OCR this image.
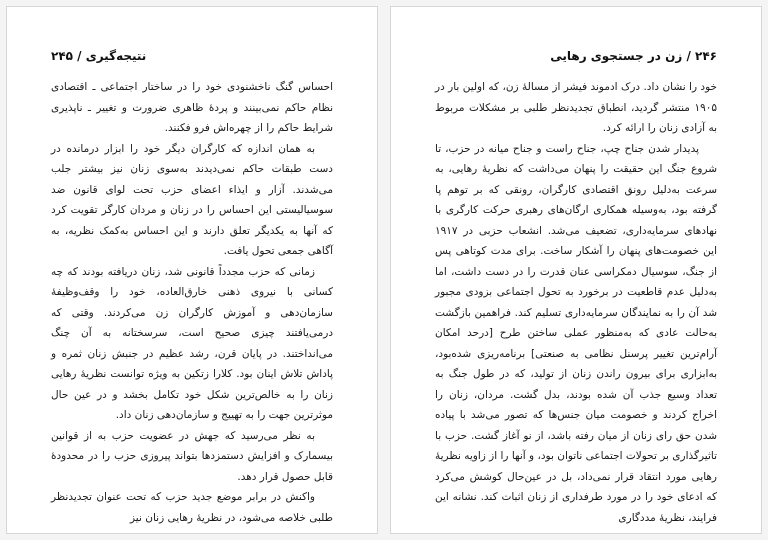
نتیجه‌گیری / ۲۴۵

احساس گنگ ناخشنودی خود را در ساختار اجتماعی ـ اقتصادی نظام حاکم نمی‌بینند و پرده‌ٔ ظاهری ضرورت و تغییر ـ ناپذیری شرایط حاکم را از چهره‌اش فرو فکنند.

به همان اندازه که کارگران دیگر خود را ابزار درمانده در دست طبقات حاکم نمی‌دیدند به‌سوی زنان نیز بیشتر جلب می‌شدند. آزار و ایذاء اعضای حزب تحت لوای قانون ضد سوسیالیستی این احساس را در زنان و مردان کارگر تقویت کرد که آنها به یکدیگر تعلق دارند و این احساس به‌کمک نظریه، به آگاهی جمعی تحول یافت.

زمانی که حزب مجدداً قانونی شد، زنان دریافته بودند که چه کسانی با نیروی ذهنی خارق‌العاده، خود را وقف‌وظیفه‌ٔ سازمان‌دهی و آموزش کارگران زن می‌کردند. وقتی که درمی‌یافتند چیزی صحیح است، سرسختانه به آن چنگ می‌انداختند. در پایان قرن، رشد عظیم در جنبش زنان ثمره و پاداش تلاش اینان بود. کلارا زتکین به ویژه توانست نظریه‌ٔ رهایی زنان را به خالص‌ترین شکل خود تکامل بخشد و در عین حال موثرترین جهت را به تهییج و سازمان‌دهی زنان داد.

به نظر می‌رسید که جهش در عضویت حزب به از قوانین بیسمارک و افزایش دستمزدها بتواند پیروزی حزب را در محدوده‌ٔ قابل حصول قرار دهد.

واکنش در برابر موضع جدید حزب که تحت عنوان تجدیدنظر طلبی خلاصه می‌شود، در نظریه‌ٔ رهایی زنان نیز

۲۴۶ / زن در جستجوی رهایی

خود را نشان داد. درک ادموند فیشر از مساله‌ٔ زن، که اولین بار در ۱۹۰۵ منتشر گردید، انطباق تجدیدنظر طلبی بر مشکلات مربوط به آزادی زنان را ارائه کرد.

پدیدار شدن جناح چپ، جناح راست و جناح میانه در حزب، تا شروع جنگ این حقیقت را پنهان می‌داشت که نظریه‌ٔ رهایی، به سرعت به‌دلیل رونق اقتصادی کارگران، رونقی که بر توهم پا گرفته بود، به‌وسیله همکاری ارگان‌های رهبری حرکت کارگری با نهادهای سرمایه‌داری، تضعیف می‌شد. انشعاب حزبی در ۱۹۱۷ این خصومت‌های پنهان را آشکار ساخت. برای مدت کوتاهی پس از جنگ، سوسیال دمکراسی عنان قدرت را در دست داشت، اما به‌دلیل عدم قاطعیت در برخورد به تحول اجتماعی بزودی مجبور شد آن را به نمایندگان سرمایه‌داری تسلیم کند. فراهمین بازگشت به‌حالت عادی که به‌منظور عملی ساختن طرح [درحد امکان آرام‌ترین تغییر پرسنل نظامی به صنعتی] برنامه‌ریزی شده‌بود، به‌ابزاری برای بیرون راندن زنان از تولید، که در طول جنگ به تعداد وسیع جذب آن شده بودند، بدل گشت. مردان، زنان را اخراج کردند و خصومت میان جنس‌ها که تصور می‌شد با پیاده شدن حق رای زنان از میان رفته باشد، از نو آغاز گشت. حزب با تاثیرگذاری بر تحولات اجتماعی ناتوان بود، و آنها را از زاویه نظریه‌ٔ رهایی مورد انتقاد قرار نمی‌داد، بل در عین‌حال کوشش می‌کرد که ادعای خود را در مورد طرفداری از زنان اثبات کند. نشانه این فرایند، نظریه‌ٔ مددگاری
